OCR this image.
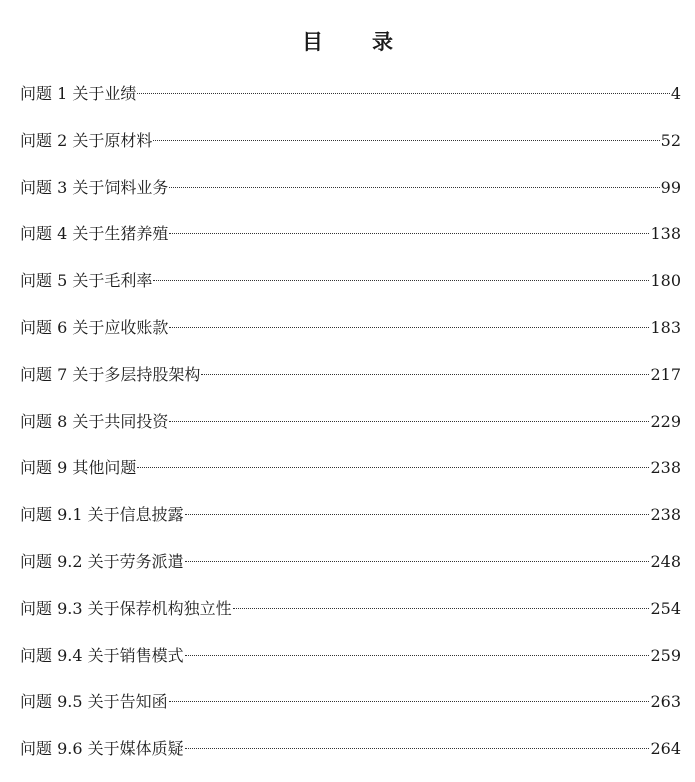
目　录
问题 1 关于业绩	4
问题 2 关于原材料	52
问题 3 关于饲料业务	99
问题 4 关于生猪养殖	138
问题 5 关于毛利率	180
问题 6 关于应收账款	183
问题 7 关于多层持股架构	217
问题 8 关于共同投资	229
问题 9 其他问题	238
问题 9.1 关于信息披露	238
问题 9.2 关于劳务派遣	248
问题 9.3 关于保荐机构独立性	254
问题 9.4 关于销售模式	259
问题 9.5 关于告知函	263
问题 9.6 关于媒体质疑	264
